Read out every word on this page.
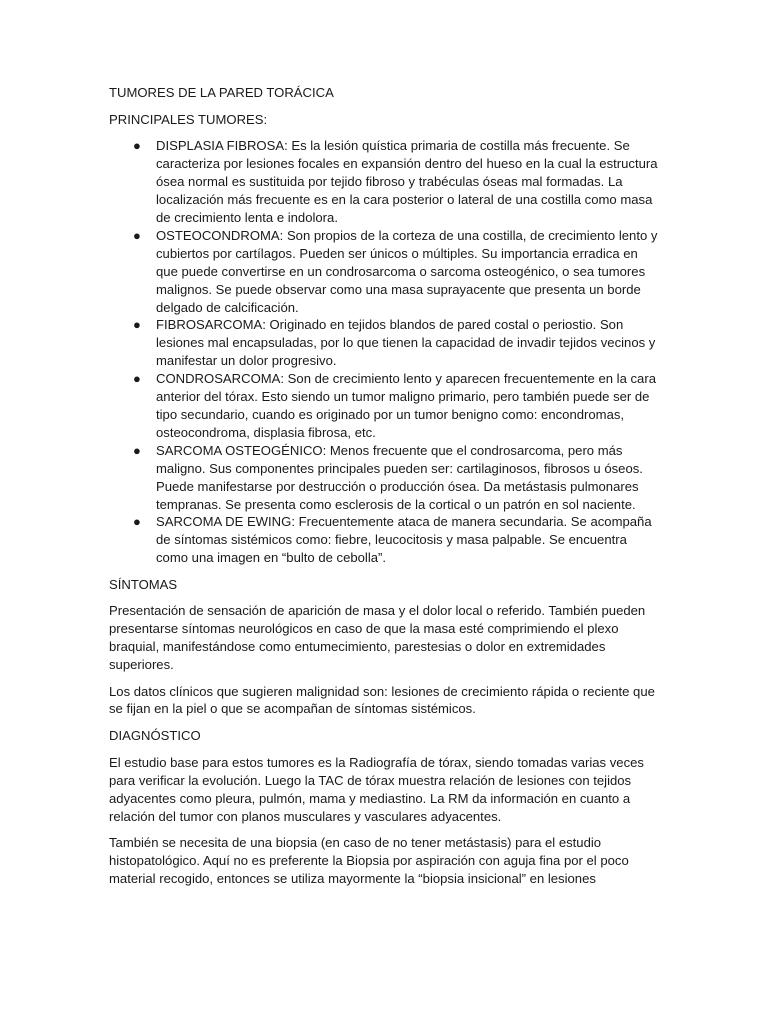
TUMORES DE LA PARED TORÁCICA

PRINCIPALES TUMORES:

● DISPLASIA FIBROSA: Es la lesión quística primaria de costilla más frecuente. Se caracteriza por lesiones focales en expansión dentro del hueso en la cual la estructura ósea normal es sustituida por tejido fibroso y trabéculas óseas mal formadas. La localización más frecuente es en la cara posterior o lateral de una costilla como masa de crecimiento lenta e indolora.
● OSTEOCONDROMA: Son propios de la corteza de una costilla, de crecimiento lento y cubiertos por cartílagos. Pueden ser únicos o múltiples. Su importancia erradica en que puede convertirse en un condrosarcoma o sarcoma osteogénico, o sea tumores malignos. Se puede observar como una masa suprayacente que presenta un borde delgado de calcificación.
● FIBROSARCOMA: Originado en tejidos blandos de pared costal o periostio. Son lesiones mal encapsuladas, por lo que tienen la capacidad de invadir tejidos vecinos y manifestar un dolor progresivo.
● CONDROSARCOMA: Son de crecimiento lento y aparecen frecuentemente en la cara anterior del tórax. Esto siendo un tumor maligno primario, pero también puede ser de tipo secundario, cuando es originado por un tumor benigno como: encondromas, osteocondroma, displasia fibrosa, etc.
● SARCOMA OSTEOGÉNICO: Menos frecuente que el condrosarcoma, pero más maligno. Sus componentes principales pueden ser: cartilaginosos, fibrosos u óseos. Puede manifestarse por destrucción o producción ósea. Da metástasis pulmonares tempranas. Se presenta como esclerosis de la cortical o un patrón en sol naciente.
● SARCOMA DE EWING: Frecuentemente ataca de manera secundaria. Se acompaña de síntomas sistémicos como: fiebre, leucocitosis y masa palpable. Se encuentra como una imagen en “bulto de cebolla”.

SÍNTOMAS

Presentación de sensación de aparición de masa y el dolor local o referido. También pueden presentarse síntomas neurológicos en caso de que la masa esté comprimiendo el plexo braquial, manifestándose como entumecimiento, parestesias o dolor en extremidades superiores.

Los datos clínicos que sugieren malignidad son: lesiones de crecimiento rápida o reciente que se fijan en la piel o que se acompañan de síntomas sistémicos.

DIAGNÓSTICO

El estudio base para estos tumores es la Radiografía de tórax, siendo tomadas varias veces para verificar la evolución. Luego la TAC de tórax muestra relación de lesiones con tejidos adyacentes como pleura, pulmón, mama y mediastino. La RM da información en cuanto a relación del tumor con planos musculares y vasculares adyacentes.

También se necesita de una biopsia (en caso de no tener metástasis) para el estudio histopatológico. Aquí no es preferente la Biopsia por aspiración con aguja fina por el poco material recogido, entonces se utiliza mayormente la “biopsia insicional” en lesiones
